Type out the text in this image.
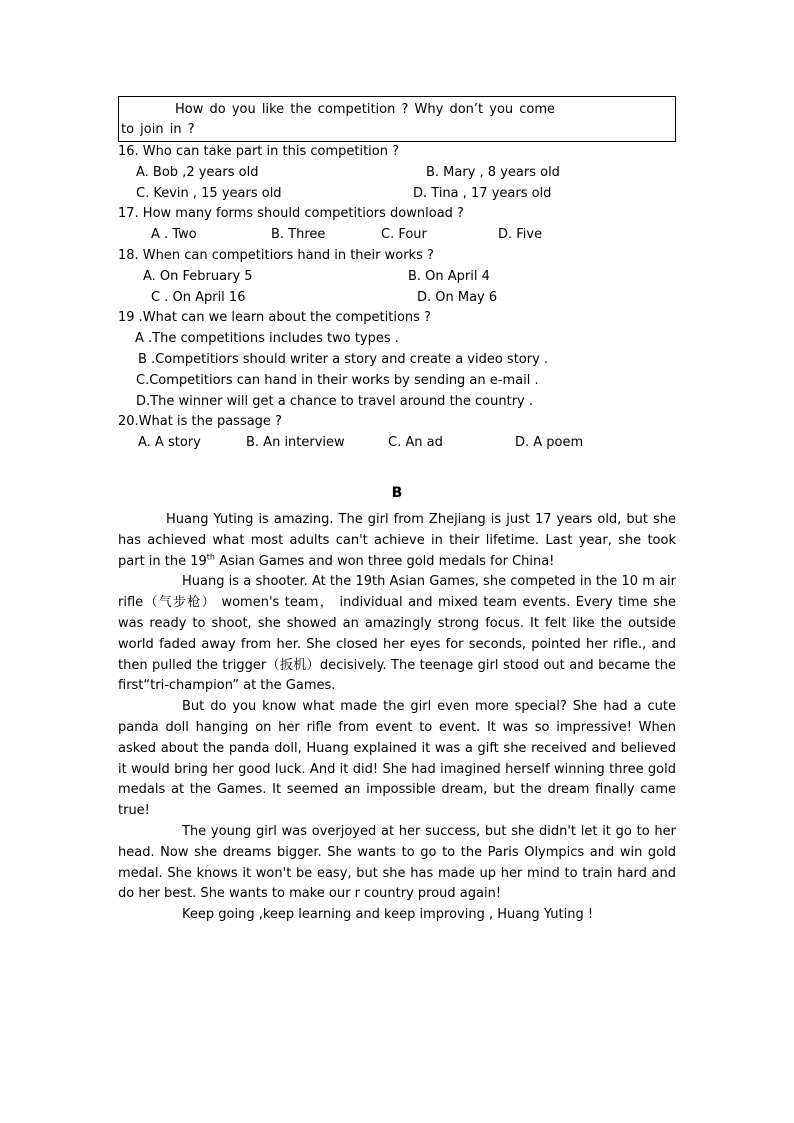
How do you like the competition ? Why don’t you come
to join in ?
16. Who can take part in this competition ?
A. Bob ,2 years old	B. Mary , 8 years old
C. Kevin , 15 years old	D. Tina , 17 years old
17. How many forms should competitiors download ?
A . Two	B. Three	C. Four	D. Five
18. When can competitiors hand in their works ?
A. On February 5	B. On April 4
C . On April 16	D. On May 6
19 .What can we learn about the competitions ?
A .The competitions includes two types .
B .Competitiors should writer a story and create a video story .
C.Competitiors can hand in their works by sending an e-mail .
D.The winner will get a chance to travel around the country .
20.What is the passage ?
A. A story	B. An interview	C. An ad	D. A poem
B

Huang Yuting is amazing. The girl from Zhejiang is just 17 years old, but she has achieved what most adults can't achieve in their lifetime. Last year, she took part in the 19th Asian Games and won three gold medals for China!

Huang is a shooter. At the 19th Asian Games, she competed in the 10 m air rifle（气步枪） women's team， individual and mixed team events. Every time she was ready to shoot, she showed an amazingly strong focus. It felt like the outside world faded away from her. She closed her eyes for seconds, pointed her rifle., and then pulled the trigger（扳机）decisively. The teenage girl stood out and became the first“tri-champion” at the Games.

But do you know what made the girl even more special? She had a cute panda doll hanging on her rifle from event to event. It was so impressive! When asked about the panda doll, Huang explained it was a gift she received and believed it would bring her good luck. And it did! She had imagined herself winning three gold medals at the Games. It seemed an impossible dream, but the dream finally came true!

The young girl was overjoyed at her success, but she didn't let it go to her head. Now she dreams bigger. She wants to go to the Paris Olympics and win gold medal. She knows it won't be easy, but she has made up her mind to train hard and do her best. She wants to make our r country proud again!

Keep going ,keep learning and keep improving , Huang Yuting !
